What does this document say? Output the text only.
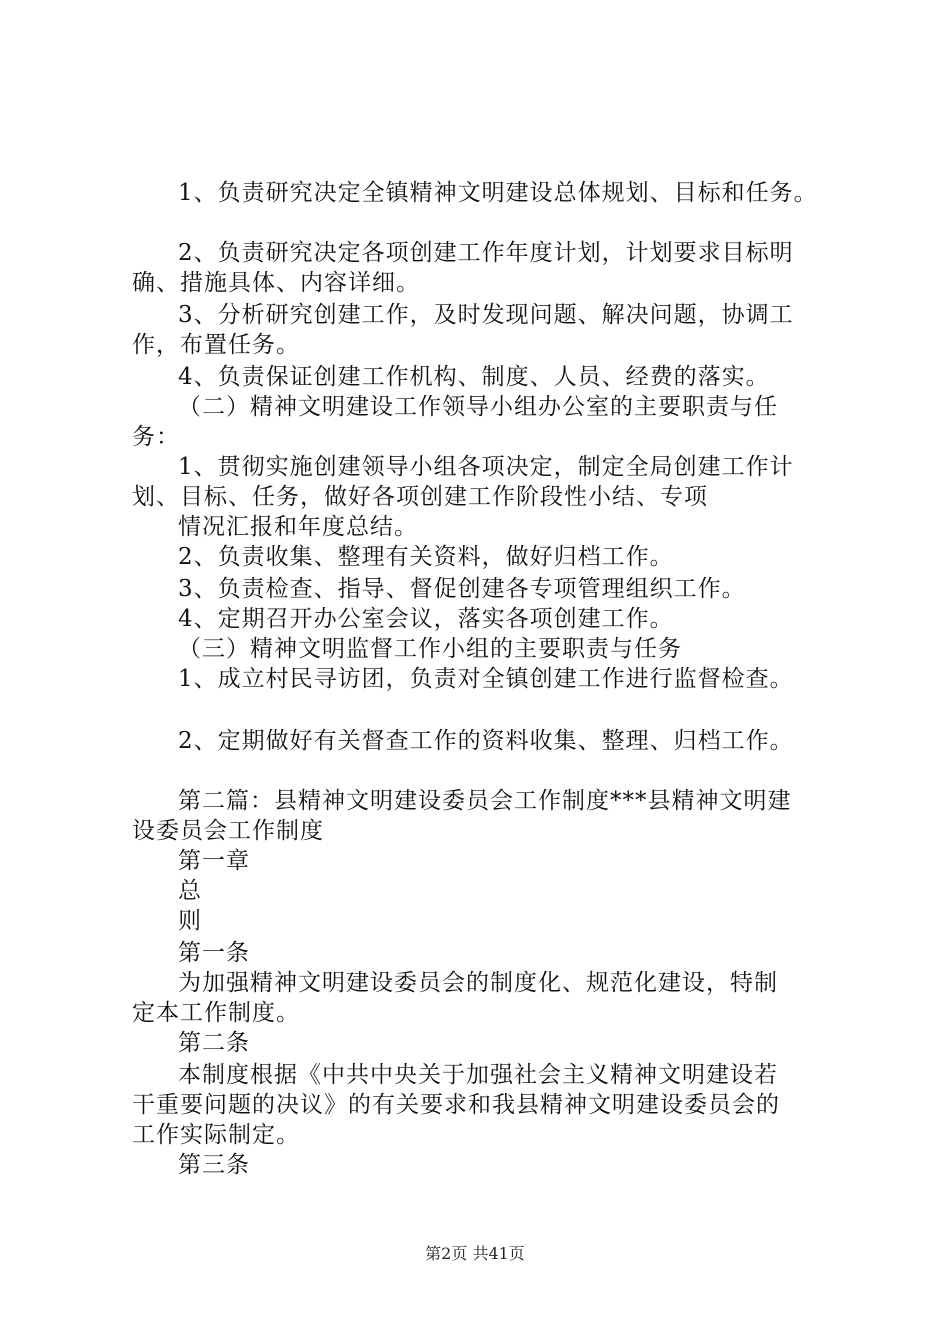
1、负责研究决定全镇精神文明建设总体规划、目标和任务。
2、负责研究决定各项创建工作年度计划，计划要求目标明
确、措施具体、内容详细。
3、分析研究创建工作，及时发现问题、解决问题，协调工
作，布置任务。
4、负责保证创建工作机构、制度、人员、经费的落实。
（二）精神文明建设工作领导小组办公室的主要职责与任
务：
1、贯彻实施创建领导小组各项决定，制定全局创建工作计
划、目标、任务，做好各项创建工作阶段性小结、专项
情况汇报和年度总结。
2、负责收集、整理有关资料，做好归档工作。
3、负责检查、指导、督促创建各专项管理组织工作。
4、定期召开办公室会议，落实各项创建工作。
（三）精神文明监督工作小组的主要职责与任务
1、成立村民寻访团，负责对全镇创建工作进行监督检查。
2、定期做好有关督查工作的资料收集、整理、归档工作。
第二篇：县精神文明建设委员会工作制度***县精神文明建
设委员会工作制度
第一章
总
则
第一条
为加强精神文明建设委员会的制度化、规范化建设，特制
定本工作制度。
第二条
本制度根据《中共中央关于加强社会主义精神文明建设若
干重要问题的决议》的有关要求和我县精神文明建设委员会的
工作实际制定。
第三条
第2页 共41页
